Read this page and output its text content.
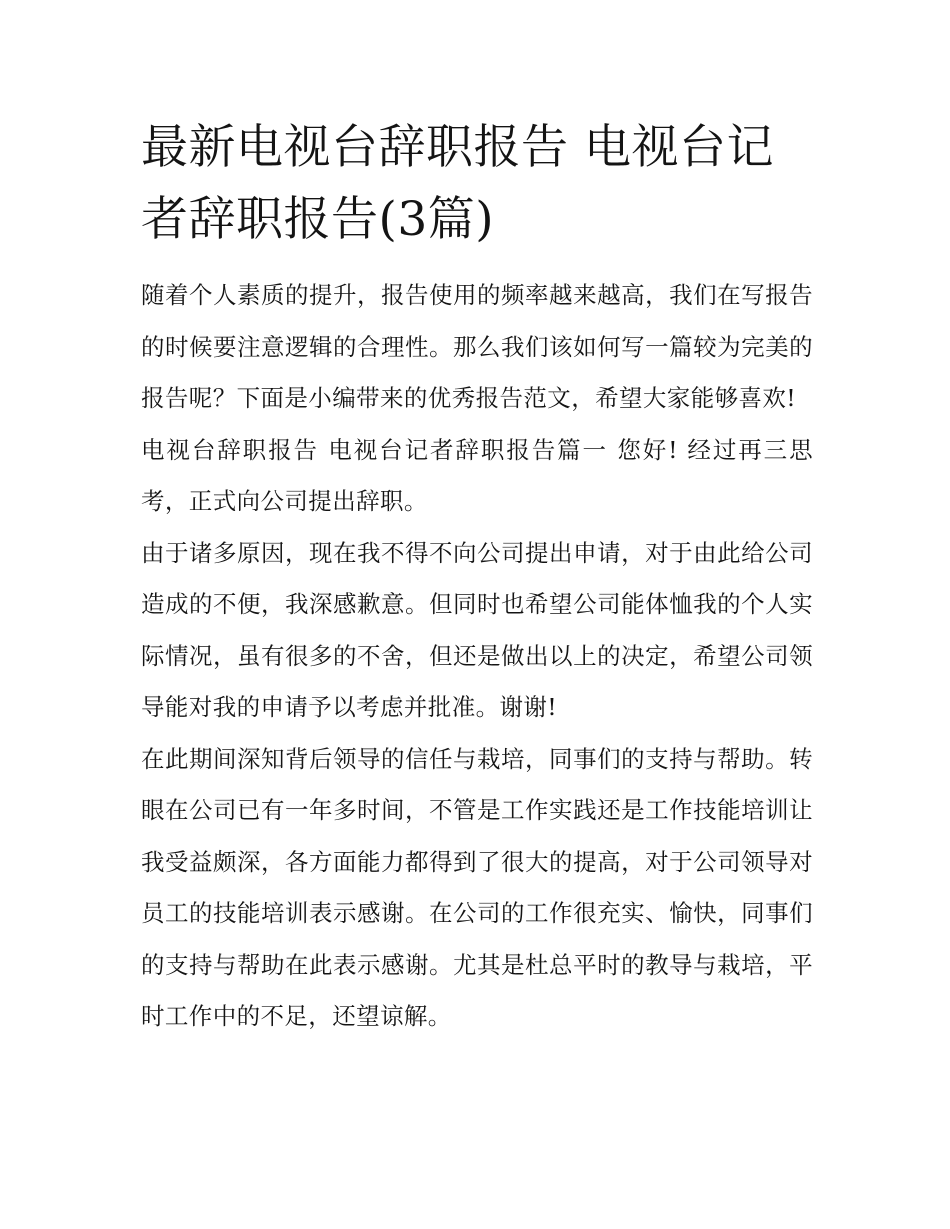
最新电视台辞职报告 电视台记者辞职报告(3篇)

随着个人素质的提升，报告使用的频率越来越高，我们在写报告的时候要注意逻辑的合理性。那么我们该如何写一篇较为完美的报告呢？下面是小编带来的优秀报告范文，希望大家能够喜欢!

电视台辞职报告 电视台记者辞职报告篇一 您好! 经过再三思考，正式向公司提出辞职。

由于诸多原因，现在我不得不向公司提出申请，对于由此给公司造成的不便，我深感歉意。但同时也希望公司能体恤我的个人实际情况，虽有很多的不舍，但还是做出以上的决定，希望公司领导能对我的申请予以考虑并批准。谢谢!

在此期间深知背后领导的信任与栽培，同事们的支持与帮助。转眼在公司已有一年多时间，不管是工作实践还是工作技能培训让我受益颇深，各方面能力都得到了很大的提高，对于公司领导对员工的技能培训表示感谢。在公司的工作很充实、愉快，同事们的支持与帮助在此表示感谢。尤其是杜总平时的教导与栽培，平时工作中的不足，还望谅解。
